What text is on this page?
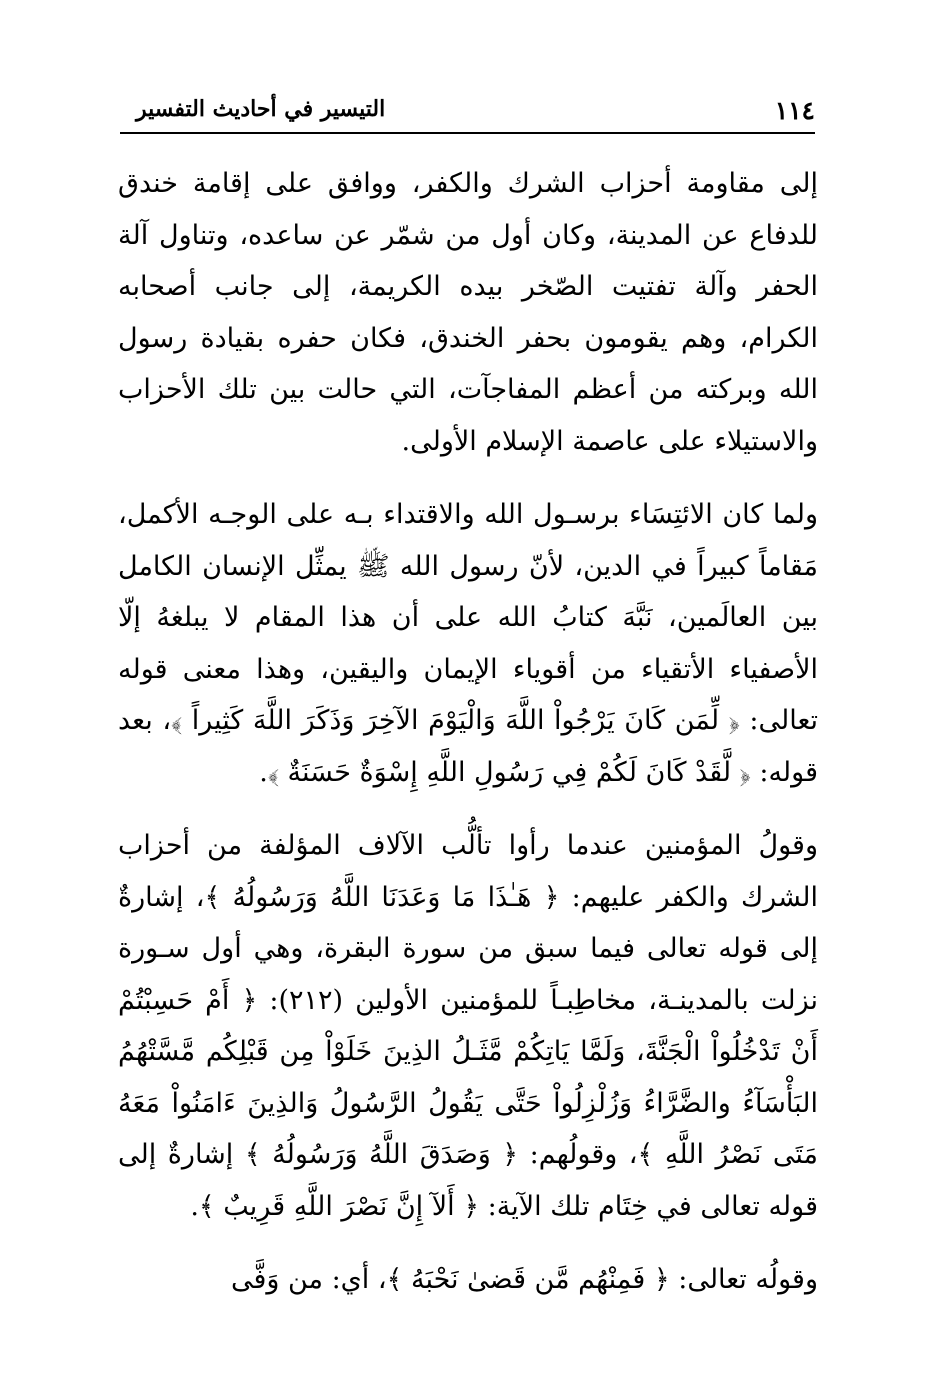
١١٤
التيسير في أحاديث التفسير

إلى مقاومة أحزاب الشرك والكفر، ووافق على إقامة خندق للدفاع عن المدينة، وكان أول من شمّر عن ساعده، وتناول آلة الحفر وآلة تفتيت الصّخر بيده الكريمة، إلى جانب أصحابه الكرام، وهم يقومون بحفر الخندق، فكان حفره بقيادة رسول الله وبركته من أعظم المفاجآت، التي حالت بين تلك الأحزاب والاستيلاء على عاصمة الإسلام الأولى.

ولما كان الائتِسَاء برسـول الله والاقتداء بـه على الوجـه الأكمل، مَقاماً كبيراً في الدين، لأنّ رسول الله ﷺ يمثِّل الإنسان الكامل بين العالَمين، نَبَّهَ كتابُ الله على أن هذا المقام لا يبلغهُ إلّا الأصفياء الأتقياء من أقوياء الإيمان واليقين، وهذا معنى قوله تعالى: ﴿ لِّمَن كَانَ يَرْجُواْ اللَّهَ وَالْيَوْمَ الآخِرَ وَذَكَرَ اللَّهَ كَثِيراً ﴾، بعد قوله: ﴿ لَّقَدْ كَانَ لَكُمْ فِي رَسُولِ اللَّهِ إِسْوَةٌ حَسَنَةٌ ﴾.

وقولُ المؤمنين عندما رأوا تألُّب الآلاف المؤلفة من أحزاب الشرك والكفر عليهم: ﴿ هَـٰذَا مَا وَعَدَنَا اللَّهُ وَرَسُولُهُ ﴾، إشارةٌ إلى قوله تعالى فيما سبق من سورة البقرة، وهي أول سـورة نزلت بالمدينـة، مخاطِبـاً للمؤمنين الأولين (٢١٢): ﴿ أَمْ حَسِبْتُمْ أَنْ تَدْخُلُواْ الْجَنَّةَ، وَلَمَّا يَاتِكُمْ مَّثَـلُ الذِينَ خَلَوْاْ مِن قَبْلِكُم مَّسَّتْهُمُ البَأْسَآءُ والضَّرَّاءُ وَزُلْزِلُواْ حَتَّى يَقُولُ الرَّسُولُ وَالذِينَ ءَامَنُواْ مَعَهُ مَتَى نَصْرُ اللَّهِ ﴾، وقولُهم: ﴿ وَصَدَقَ اللَّهُ وَرَسُولُهُ ﴾ إشارةٌ إلى قوله تعالى في خِتَام تلك الآية: ﴿ أَلآ إِنَّ نَصْرَ اللَّهِ قَرِيبٌ ﴾.

وقولُه تعالى: ﴿ فَمِنْهُم مَّن قَضىٰ نَحْبَهُ ﴾، أي: من وَفَّى
